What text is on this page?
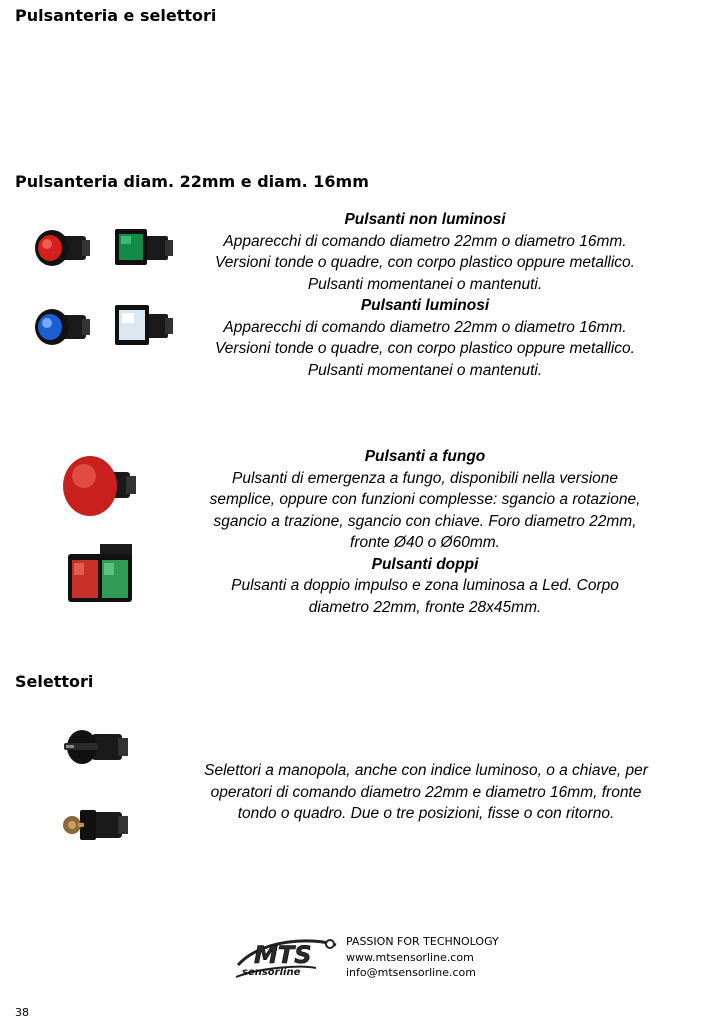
Pulsanteria e selettori
Pulsanteria diam. 22mm e diam. 16mm
Pulsanti non luminosi
Apparecchi di comando diametro 22mm o diametro 16mm.
Versioni tonde o quadre, con corpo plastico oppure metallico.
Pulsanti momentanei o mantenuti.
Pulsanti luminosi
Apparecchi di comando diametro 22mm o diametro 16mm.
Versioni tonde o quadre, con corpo plastico oppure metallico.
Pulsanti momentanei o mantenuti.
Pulsanti a fungo
Pulsanti di emergenza a fungo, disponibili nella versione
semplice, oppure con funzioni complesse: sgancio a rotazione,
sgancio a trazione, sgancio con chiave. Foro diametro 22mm,
fronte Ø40 o Ø60mm.
Pulsanti doppi
Pulsanti a doppio impulso e zona luminosa a Led. Corpo
diametro 22mm, fronte 28x45mm.
Selettori
Selettori a manopola, anche con indice luminoso, o a chiave, per
operatori di comando diametro 22mm e diametro 16mm, fronte
tondo o quadro. Due o tre posizioni, fisse o con ritorno.
MTS
sensorline
PASSION FOR TECHNOLOGY
www.mtsensorline.com
info@mtsensorline.com
38
